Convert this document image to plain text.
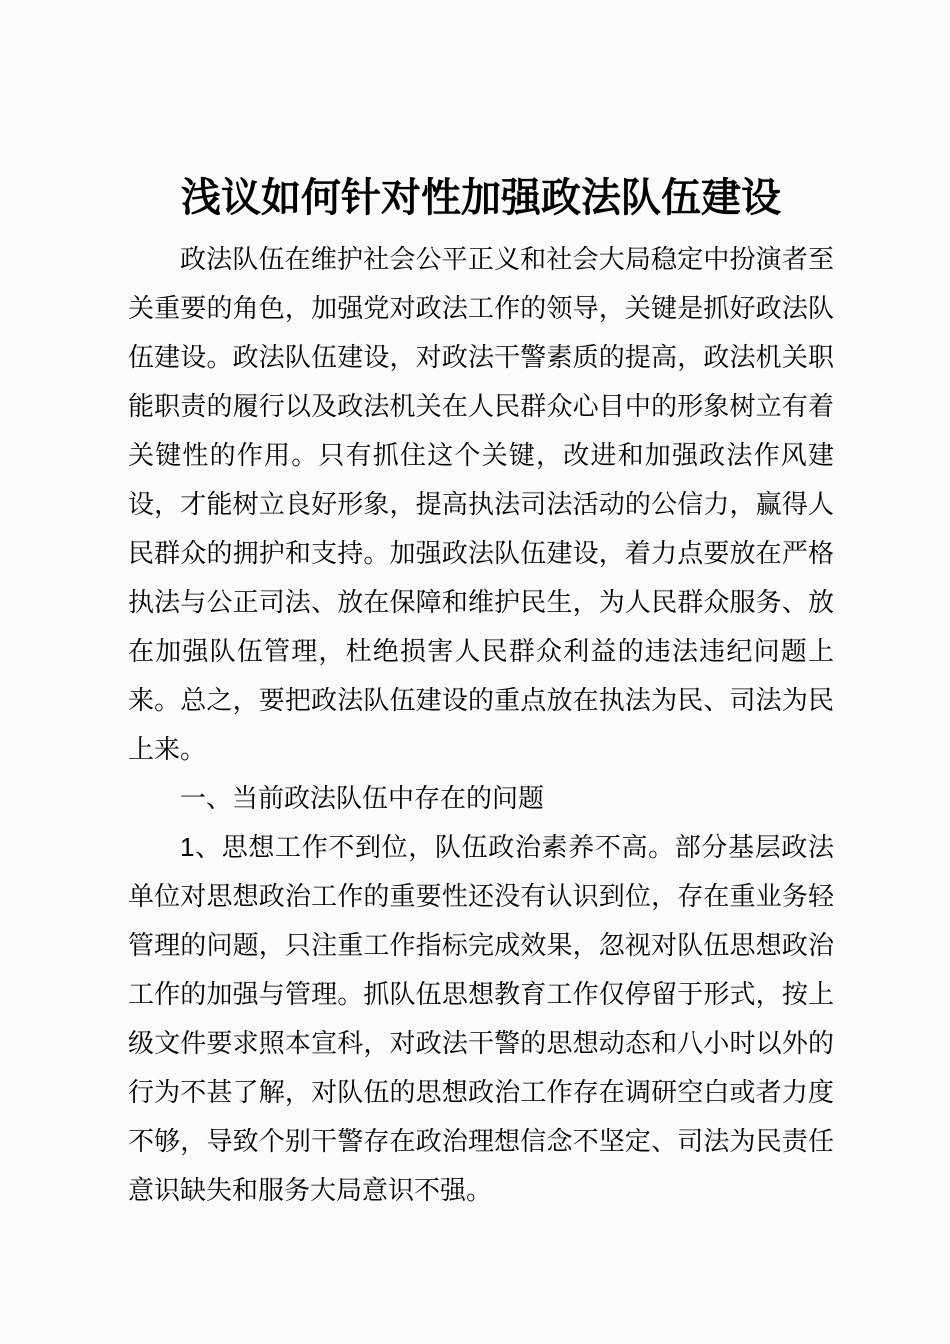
浅议如何针对性加强政法队伍建设

政法队伍在维护社会公平正义和社会大局稳定中扮演者至关重要的角色，加强党对政法工作的领导，关键是抓好政法队伍建设。政法队伍建设，对政法干警素质的提高，政法机关职能职责的履行以及政法机关在人民群众心目中的形象树立有着关键性的作用。只有抓住这个关键，改进和加强政法作风建设，才能树立良好形象，提高执法司法活动的公信力，赢得人民群众的拥护和支持。加强政法队伍建设，着力点要放在严格执法与公正司法、放在保障和维护民生，为人民群众服务、放在加强队伍管理，杜绝损害人民群众利益的违法违纪问题上来。总之，要把政法队伍建设的重点放在执法为民、司法为民上来。

一、当前政法队伍中存在的问题

1、思想工作不到位，队伍政治素养不高。部分基层政法单位对思想政治工作的重要性还没有认识到位，存在重业务轻管理的问题，只注重工作指标完成效果，忽视对队伍思想政治工作的加强与管理。抓队伍思想教育工作仅停留于形式，按上级文件要求照本宣科，对政法干警的思想动态和八小时以外的行为不甚了解，对队伍的思想政治工作存在调研空白或者力度不够，导致个别干警存在政治理想信念不坚定、司法为民责任意识缺失和服务大局意识不强。
